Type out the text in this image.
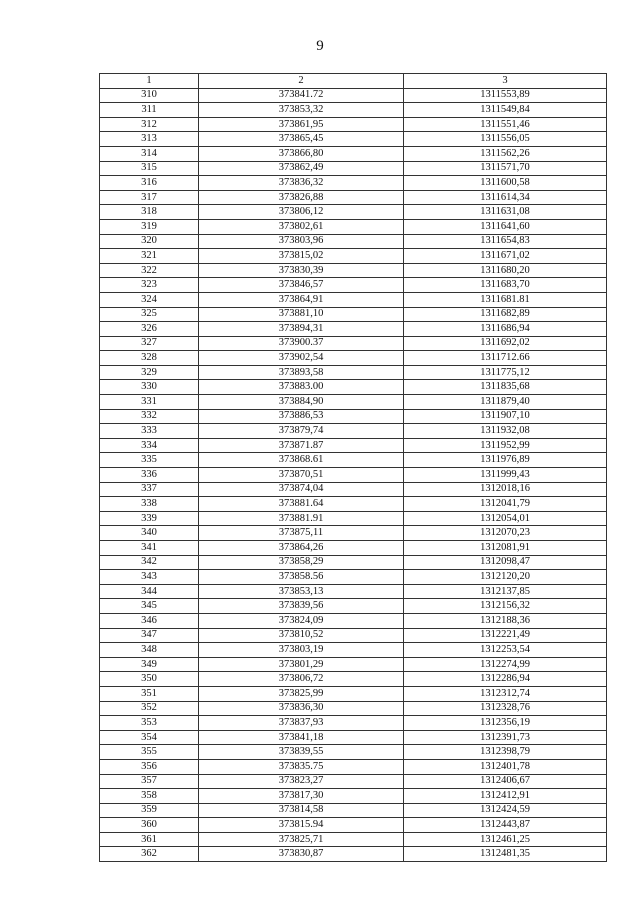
9
1	2	3
310	373841.72	1311553,89
311	373853,32	1311549,84
312	373861,95	1311551,46
313	373865,45	1311556,05
314	373866,80	1311562,26
315	373862,49	1311571,70
316	373836,32	1311600,58
317	373826,88	1311614,34
318	373806,12	1311631,08
319	373802,61	1311641,60
320	373803,96	1311654,83
321	373815,02	1311671,02
322	373830,39	1311680,20
323	373846,57	1311683,70
324	373864,91	1311681.81
325	373881,10	1311682,89
326	373894,31	1311686,94
327	373900.37	1311692,02
328	373902,54	1311712.66
329	373893,58	1311775,12
330	373883.00	1311835,68
331	373884,90	1311879,40
332	373886,53	1311907,10
333	373879,74	1311932,08
334	373871.87	1311952,99
335	373868.61	1311976,89
336	373870,51	1311999,43
337	373874,04	1312018,16
338	373881.64	1312041,79
339	373881.91	1312054,01
340	373875,11	1312070,23
341	373864,26	1312081,91
342	373858,29	1312098,47
343	373858.56	1312120,20
344	373853,13	1312137,85
345	373839,56	1312156,32
346	373824,09	1312188,36
347	373810,52	1312221,49
348	373803,19	1312253,54
349	373801,29	1312274,99
350	373806,72	1312286,94
351	373825,99	1312312,74
352	373836,30	1312328,76
353	373837,93	1312356,19
354	373841,18	1312391,73
355	373839,55	1312398,79
356	373835.75	1312401,78
357	373823,27	1312406,67
358	373817,30	1312412,91
359	373814,58	1312424,59
360	373815.94	1312443,87
361	373825,71	1312461,25
362	373830,87	1312481,35
